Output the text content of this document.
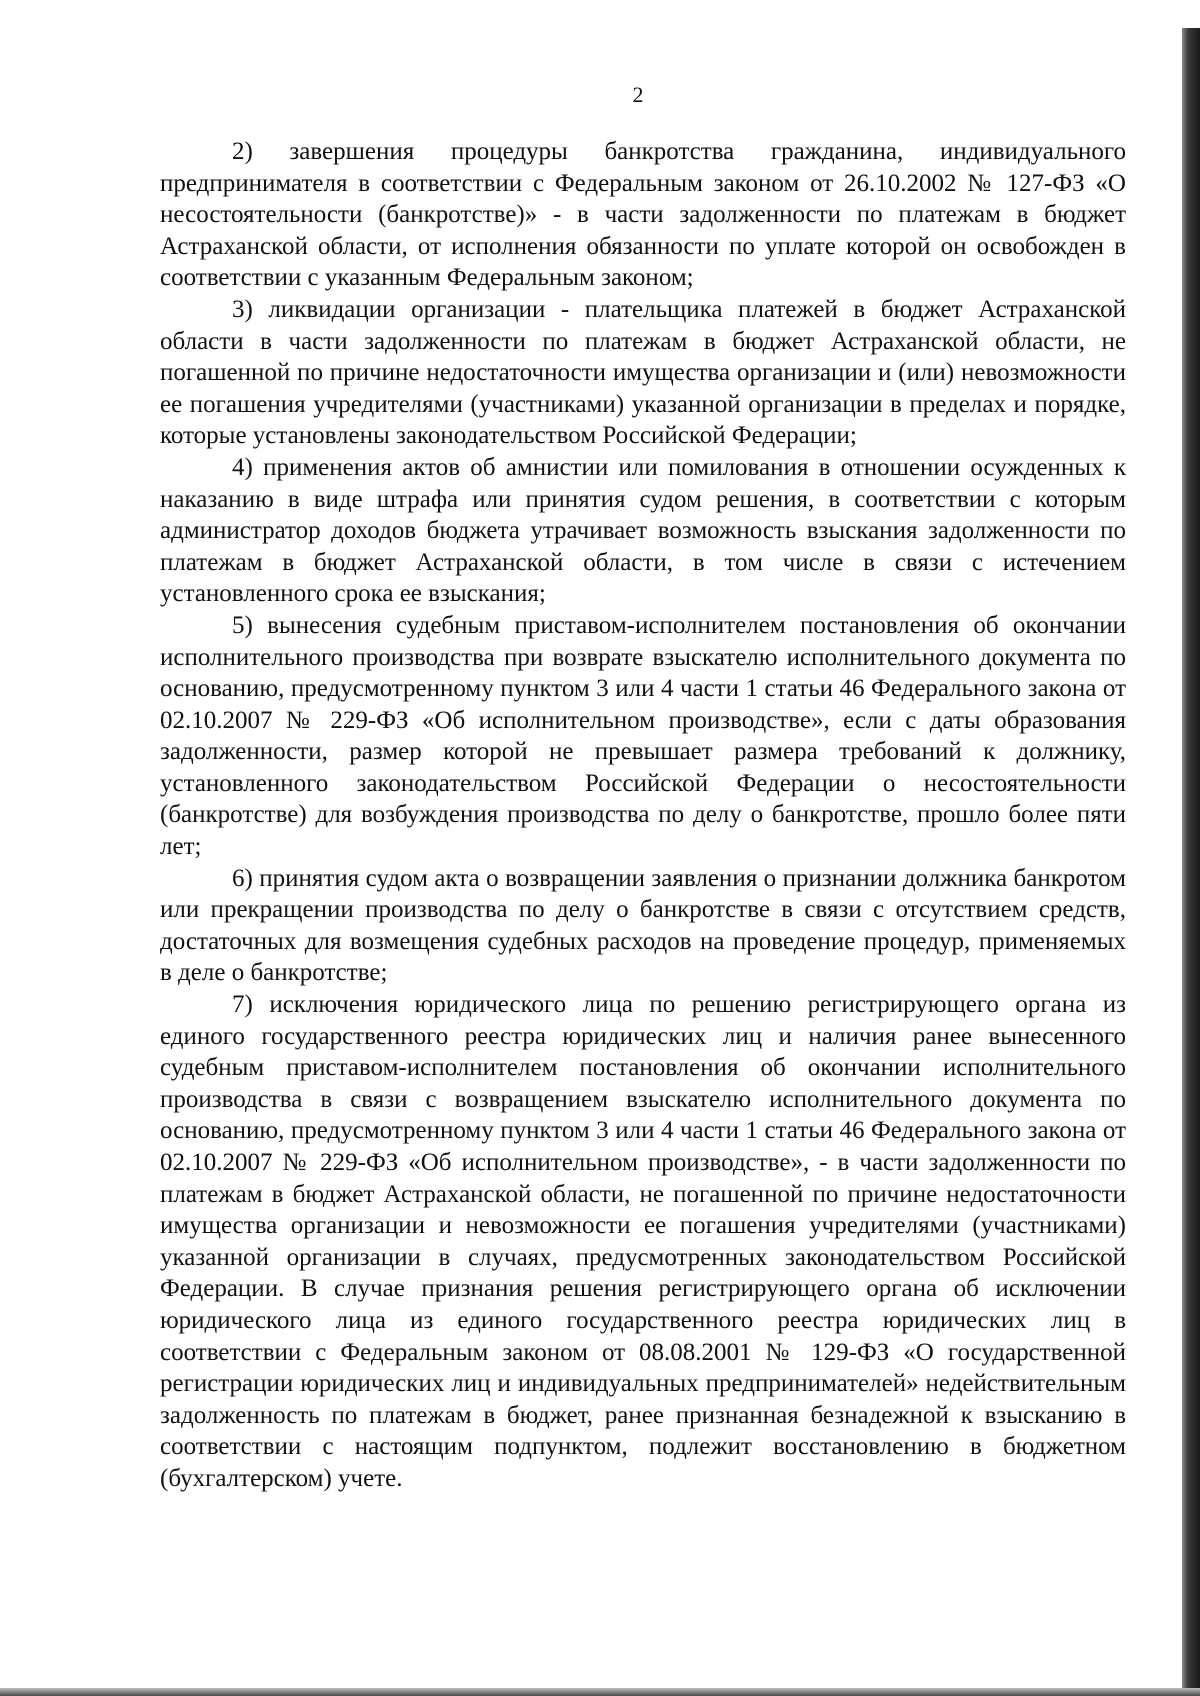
2

2) завершения процедуры банкротства гражданина, индивидуального предпринимателя в соответствии с Федеральным законом от 26.10.2002 № 127-ФЗ «О несостоятельности (банкротстве)» - в части задолженности по платежам в бюджет Астраханской области, от исполнения обязанности по уплате которой он освобожден в соответствии с указанным Федеральным законом;

3) ликвидации организации - плательщика платежей в бюджет Астраханской области в части задолженности по платежам в бюджет Астраханской области, не погашенной по причине недостаточности имущества организации и (или) невозможности ее погашения учредителями (участниками) указанной организации в пределах и порядке, которые установлены законодательством Российской Федерации;

4) применения актов об амнистии или помилования в отношении осужденных к наказанию в виде штрафа или принятия судом решения, в соответствии с которым администратор доходов бюджета утрачивает возможность взыскания задолженности по платежам в бюджет Астраханской области, в том числе в связи с истечением установленного срока ее взыскания;

5) вынесения судебным приставом-исполнителем постановления об окончании исполнительного производства при возврате взыскателю исполнительного документа по основанию, предусмотренному пунктом 3 или 4 части 1 статьи 46 Федерального закона от 02.10.2007 № 229-ФЗ «Об исполнительном производстве», если с даты образования задолженности, размер которой не превышает размера требований к должнику, установленного законодательством Российской Федерации о несостоятельности (банкротстве) для возбуждения производства по делу о банкротстве, прошло более пяти лет;

6) принятия судом акта о возвращении заявления о признании должника банкротом или прекращении производства по делу о банкротстве в связи с отсутствием средств, достаточных для возмещения судебных расходов на проведение процедур, применяемых в деле о банкротстве;

7) исключения юридического лица по решению регистрирующего органа из единого государственного реестра юридических лиц и наличия ранее вынесенного судебным приставом-исполнителем постановления об окончании исполнительного производства в связи с возвращением взыскателю исполнительного документа по основанию, предусмотренному пунктом 3 или 4 части 1 статьи 46 Федерального закона от 02.10.2007 № 229-ФЗ «Об исполнительном производстве», - в части задолженности по платежам в бюджет Астраханской области, не погашенной по причине недостаточности имущества организации и невозможности ее погашения учредителями (участниками) указанной организации в случаях, предусмотренных законодательством Российской Федерации. В случае признания решения регистрирующего органа об исключении юридического лица из единого государственного реестра юридических лиц в соответствии с Федеральным законом от 08.08.2001 № 129-ФЗ «О государственной регистрации юридических лиц и индивидуальных предпринимателей» недействительным задолженность по платежам в бюджет, ранее признанная безнадежной к взысканию в соответствии с настоящим подпунктом, подлежит восстановлению в бюджетном (бухгалтерском) учете.
